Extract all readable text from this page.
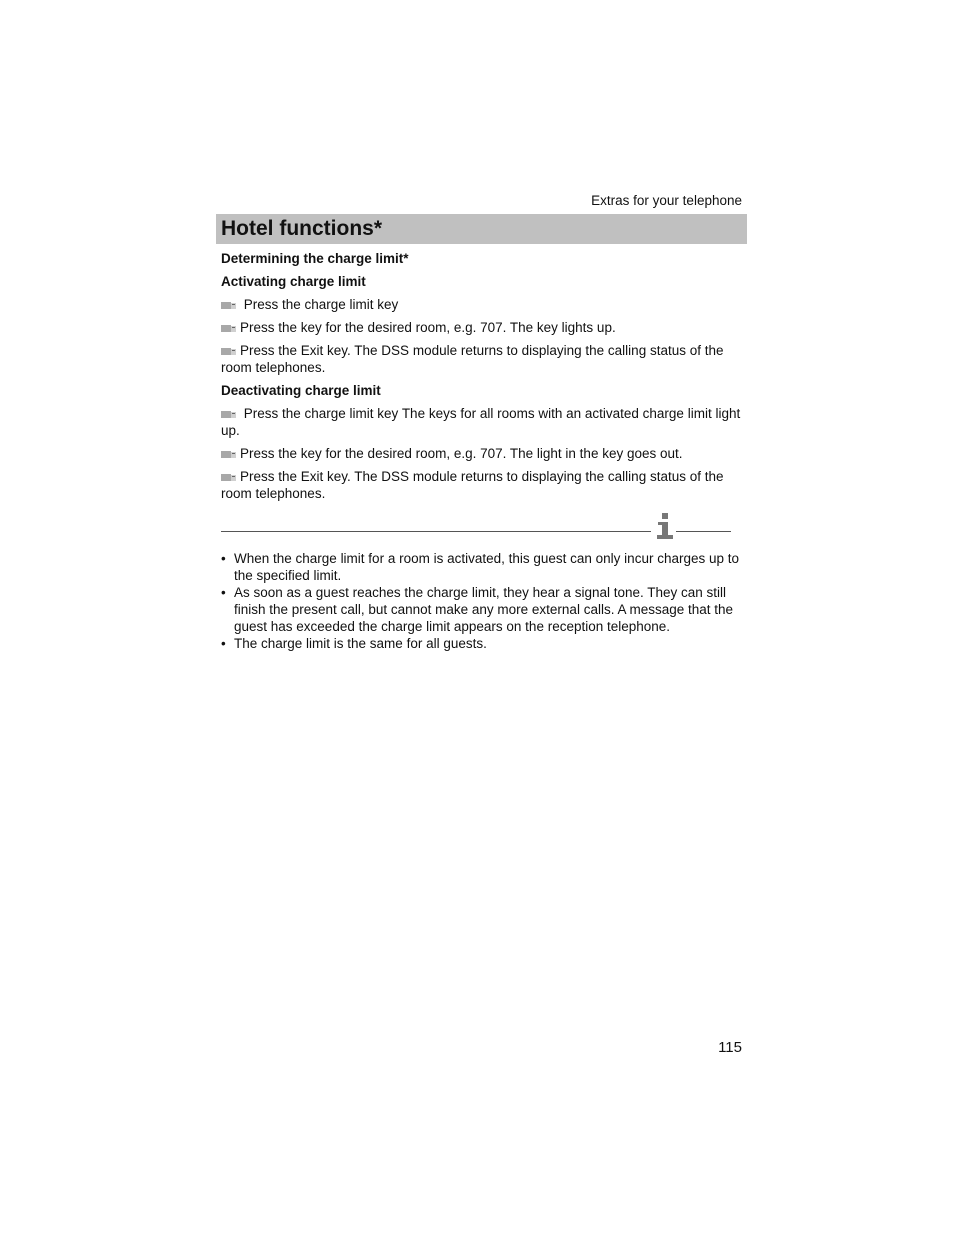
Extras for your telephone
Hotel functions*

Determining the charge limit*

Activating charge limit

Press the charge limit key

Press the key for the desired room, e.g. 707. The key lights up.

Press the Exit key. The DSS module returns to displaying the calling status of the room telephones.

Deactivating charge limit

Press the charge limit key The keys for all rooms with an activated charge limit light up.

Press the key for the desired room, e.g. 707. The light in the key goes out.

Press the Exit key. The DSS module returns to displaying the calling status of the room telephones.

• When the charge limit for a room is activated, this guest can only incur charges up to the specified limit.
• As soon as a guest reaches the charge limit, they hear a signal tone. They can still finish the present call, but cannot make any more external calls. A message that the guest has exceeded the charge limit appears on the reception telephone.
• The charge limit is the same for all guests.
115
